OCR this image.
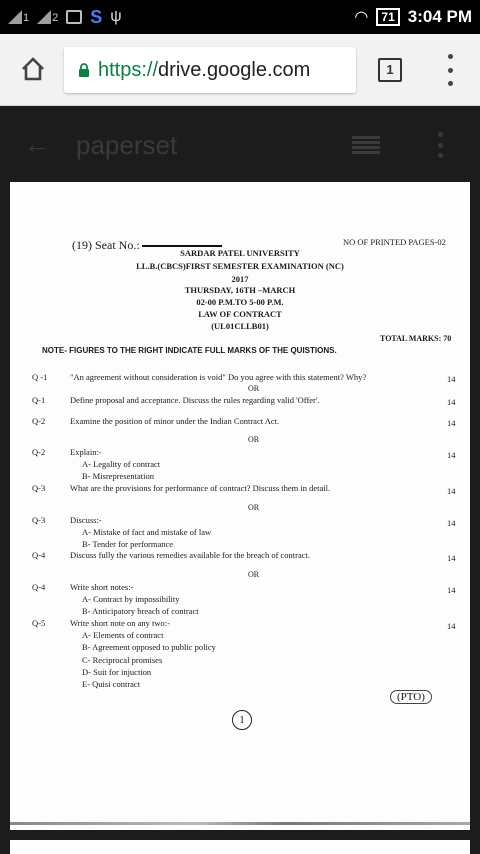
1 2 S ψ	◠	71 3:04 PM
https://drive.google.com	1
← paperset
(19) Seat No.:	NO OF PRINTED PAGES-02
SARDAR PATEL UNIVERSITY
LL.B.(CBCS)FIRST SEMESTER EXAMINATION (NC)
2017
THURSDAY, 16TH –MARCH
02-00 P.M.TO 5-00 P.M.
LAW OF CONTRACT
(UL01CLLB01)
TOTAL MARKS: 70
NOTE- FIGURES TO THE RIGHT INDICATE FULL MARKS OF THE QUISTIONS.
Q -1	"An agreement without consideration is void" Do you agree with this statement? Why?	14
OR
Q-1	Define proposal and acceptance. Discuss the rules regarding valid 'Offer'.	14
Q-2	Examine the position of minor under the Indian Contract Act.	14
OR
Q-2	Explain:-	14
A- Legality of contract
B- Misrepresentation
Q-3	What are the provisions for performance of contract? Discuss them in detail.	14
OR
Q-3	Discuss:-	14
A- Mistake of fact and mistake of law
B- Tender for performance
Q-4	Discuss fully the various remedies available for the breach of contract.	14
OR
Q-4	Write short notes:-	14
A- Contract by impossibility
B- Anticipatory breach of contract
Q-5	Write short note on any two:-	14
A- Elements of contract
B- Agreement opposed to public policy
C- Reciprocal promises
D- Suit for injuction
E- Quisi contract
(PTO)
1
